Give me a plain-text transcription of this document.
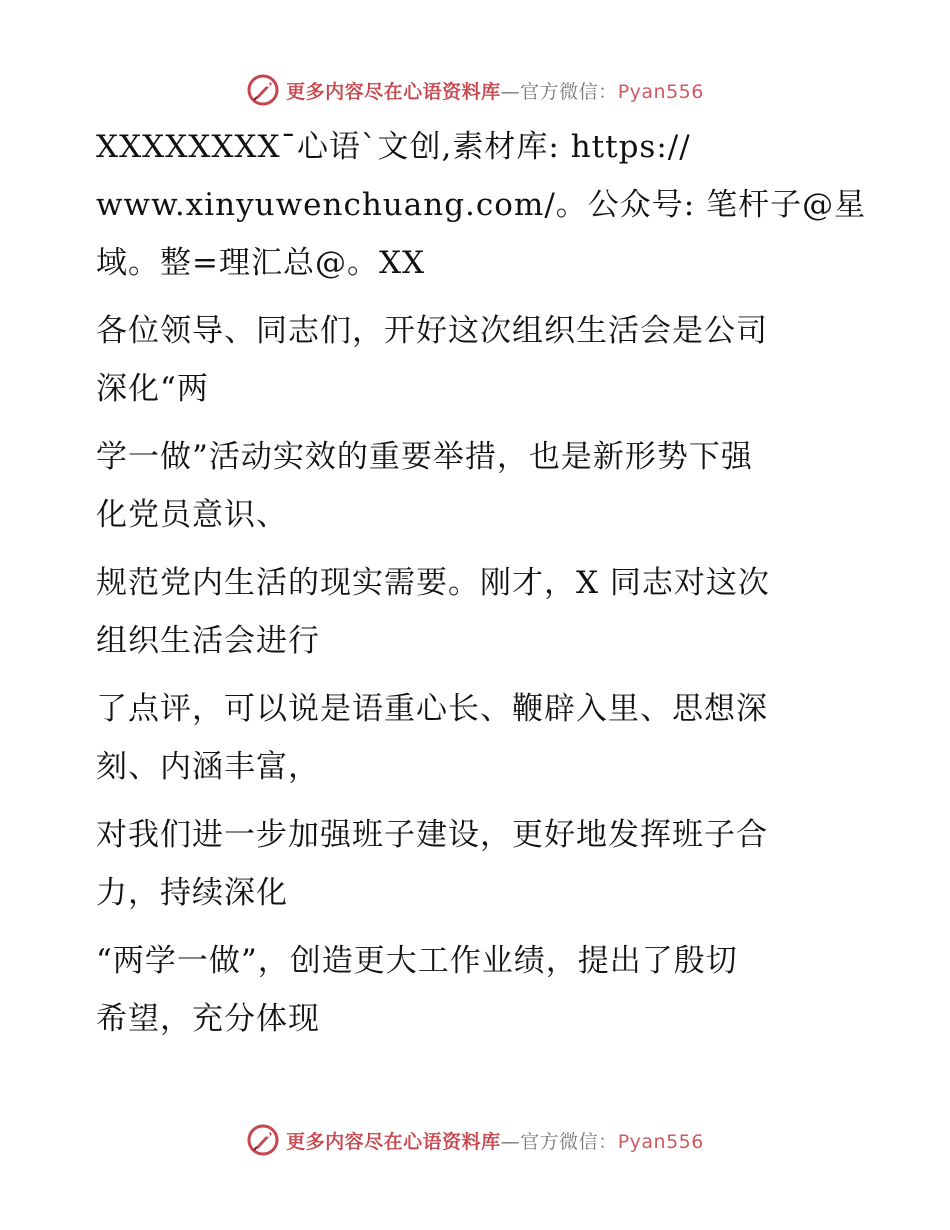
更多内容尽在心语资料库—官方微信：Pyan556

XXXXXXXX¯心语ˋ文创,素材库: https://
www.xinyuwenchuang.com/。公众号: 笔杆子@星
域。整=理汇总@。XX

各位领导、同志们，开好这次组织生活会是公司
深化“两

学一做”活动实效的重要举措，也是新形势下强
化党员意识、

规范党内生活的现实需要。刚才，X 同志对这次
组织生活会进行

了点评，可以说是语重心长、鞭辟入里、思想深
刻、内涵丰富，

对我们进一步加强班子建设，更好地发挥班子合
力，持续深化

“两学一做”，创造更大工作业绩，提出了殷切
希望，充分体现

更多内容尽在心语资料库—官方微信：Pyan556
